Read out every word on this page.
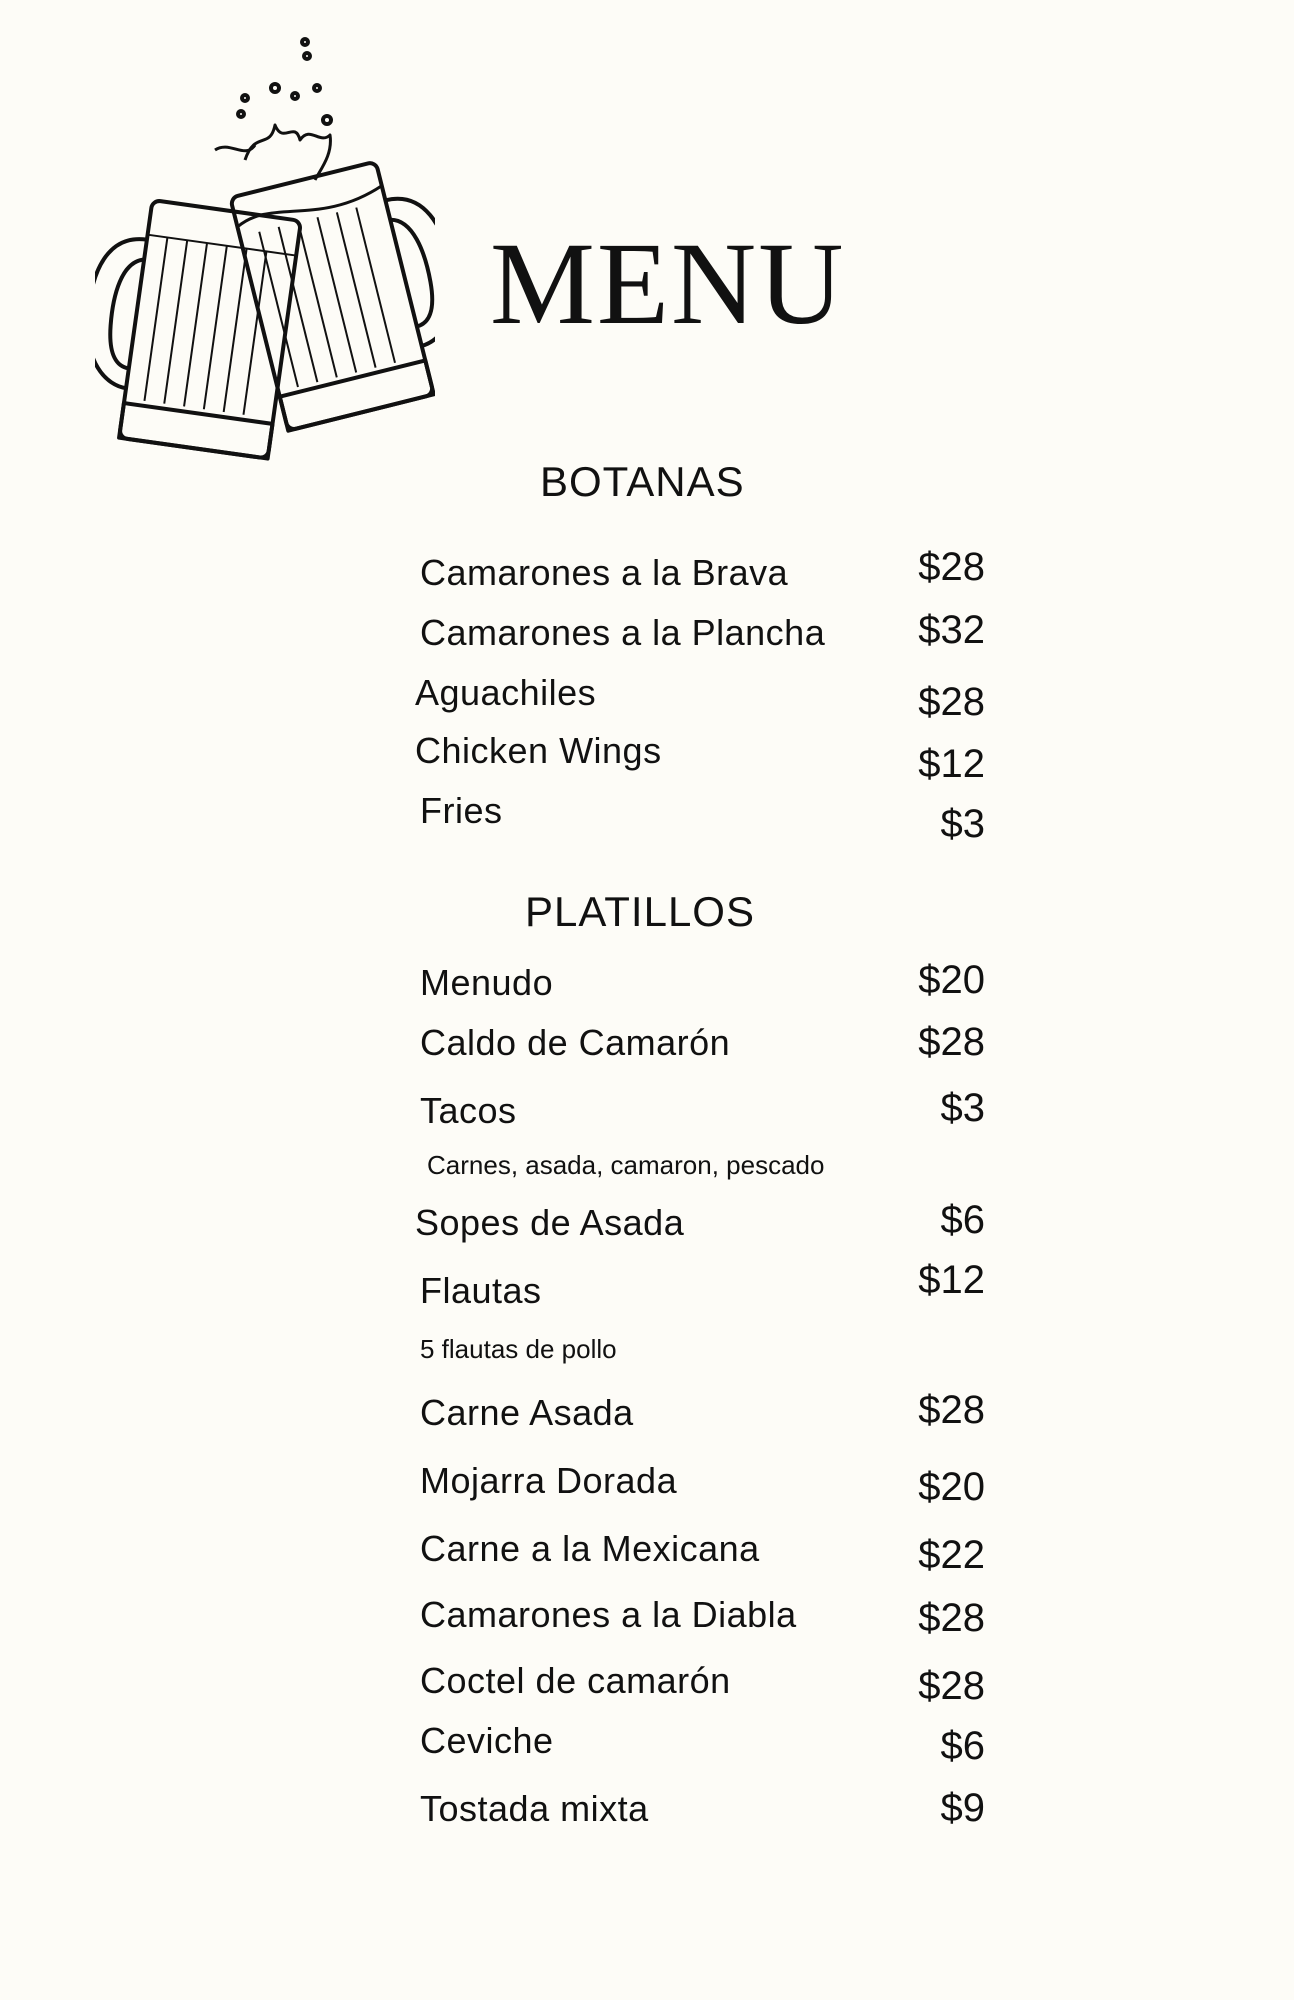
MENU
BOTANAS
Camarones a la Brava	$28
Camarones a la Plancha	$32
Aguachiles	$28
Chicken Wings	$12
Fries	$3
PLATILLOS
Menudo	$20
Caldo de Camarón	$28
Tacos	$3
Carnes, asada, camaron, pescado
Sopes de Asada	$6
Flautas	$12
5 flautas de pollo
Carne Asada	$28
Mojarra Dorada	$20
Carne a la Mexicana	$22
Camarones a la Diabla	$28
Coctel de camarón	$28
Ceviche	$6
Tostada mixta	$9
